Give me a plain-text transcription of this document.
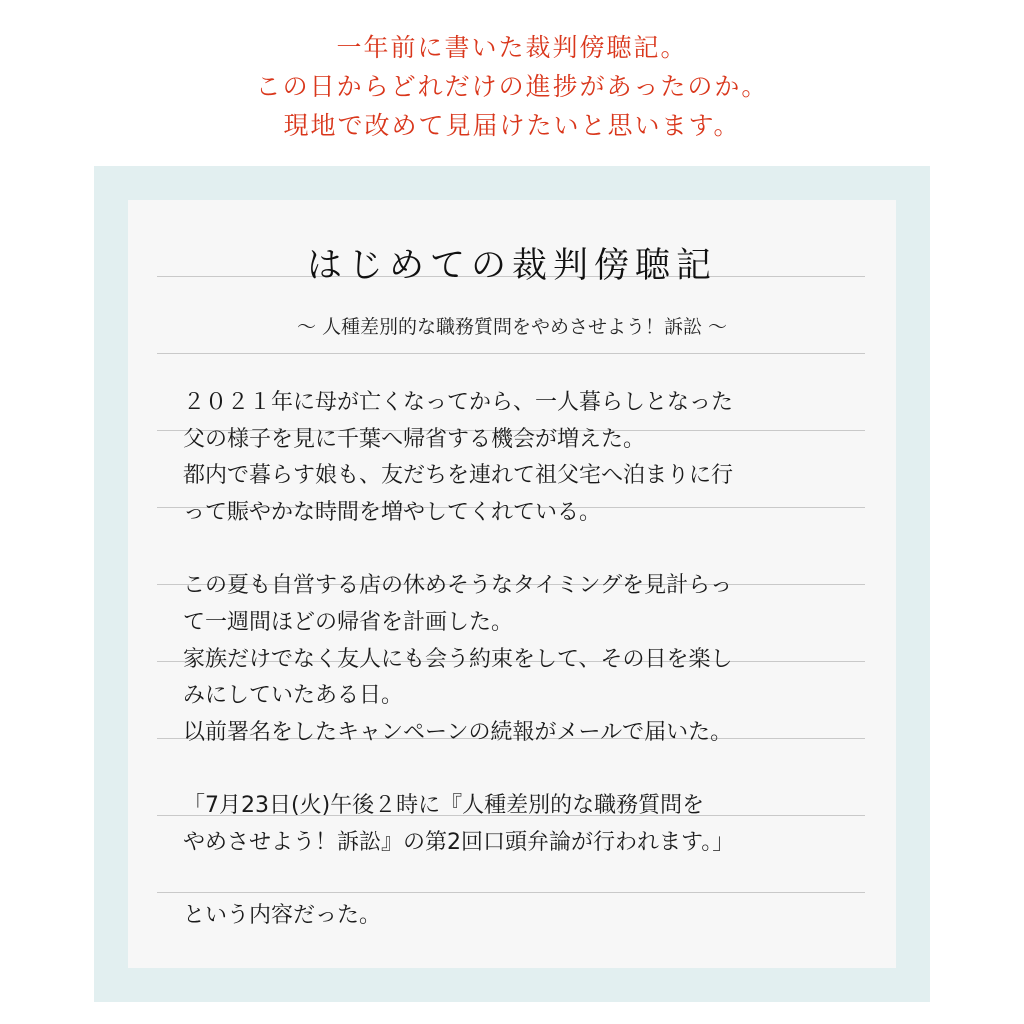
一年前に書いた裁判傍聴記。
この日からどれだけの進捗があったのか。
現地で改めて見届けたいと思います。
はじめての裁判傍聴記
〜 人種差別的な職務質問をやめさせよう！訴訟 〜
２０２１年に母が亡くなってから、一人暮らしとなった
父の様子を見に千葉へ帰省する機会が増えた。
都内で暮らす娘も、友だちを連れて祖父宅へ泊まりに行
って賑やかな時間を増やしてくれている。
この夏も自営する店の休めそうなタイミングを見計らっ
て一週間ほどの帰省を計画した。
家族だけでなく友人にも会う約束をして、その日を楽し
みにしていたある日。
以前署名をしたキャンペーンの続報がメールで届いた。
「7月23日(火)午後２時に『人種差別的な職務質問を
やめさせよう！訴訟』の第2回口頭弁論が行われます。」
という内容だった。
